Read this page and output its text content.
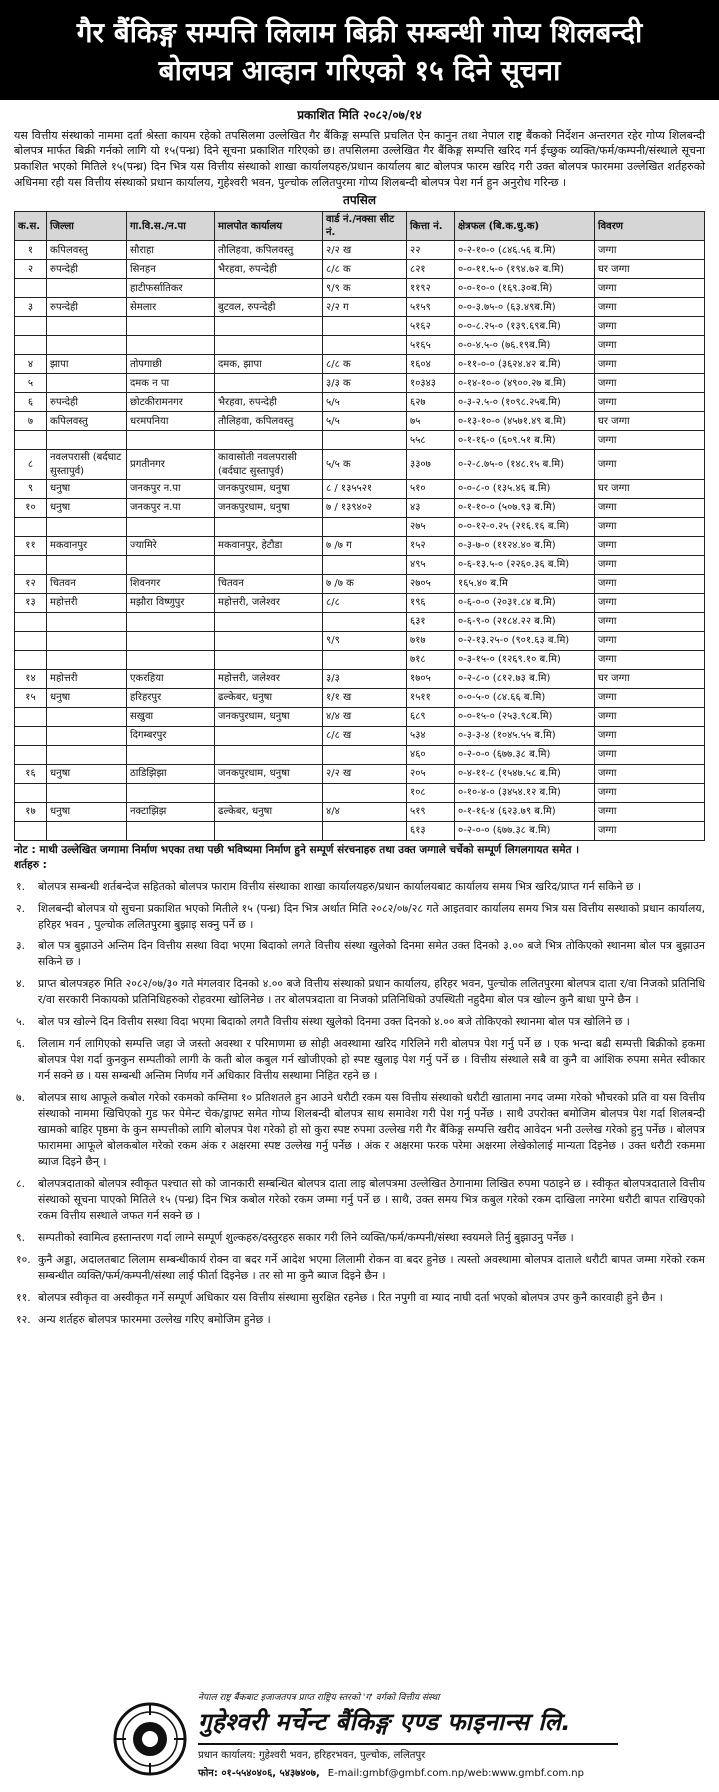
गैर बैंकिङ्ग सम्पत्ति लिलाम बिक्री सम्बन्धी गोप्य शिलबन्दी
बोलपत्र आव्हान गरिएको १५ दिने सूचना
प्रकाशित मिति २०८२/०७/१४
यस वित्तीय संस्थाको नाममा दर्ता श्रेस्ता कायम रहेको तपसिलमा उल्लेखित गैर बैंकिङ्ग सम्पत्ति प्रचलित ऐन कानुन तथा नेपाल राष्ट्र बैंकको निर्देशन अन्तरगत रहेर गोप्य शिलबन्दी बोलपत्र मार्फत बिक्री गर्नको लागि यो १५(पन्ध्र) दिने सूचना प्रकाशित गरिएको छ। तपसिलमा उल्लेखित गैर बैंकिङ्ग सम्पत्ति खरिद गर्न ईच्छुक व्यक्ति/फर्म/कम्पनी/संस्थाले सूचना प्रकाशित भएको मितिले १५(पन्ध्र) दिन भित्र यस वित्तीय संस्थाको शाखा कार्यालयहरु/प्रधान कार्यालय बाट बोलपत्र फारम खरिद गरी उक्त बोलपत्र फारममा उल्लेखित शर्तहरुको अधिनमा रही यस वित्तीय संस्थाको प्रधान कार्यालय, गुहेश्वरी भवन, पुल्चोक ललितपुरमा गोप्य शिलबन्दी बोलपत्र पेश गर्न हुन अनुरोध गरिन्छ ।
तपसिल
क.स.	जिल्ला	गा.वि.स./न.पा	मालपोत कार्यालय	वार्ड नं./नक्सा सीट नं.	कित्ता नं.	क्षेत्रफल (बि.क.धु.क)	विवरण
१	कपिलवस्तु	सौराहा	तौलिहवा, कपिलवस्तु	२/२ ख	२२	०-२-१०-० (८४६.५६ ब.मि)	जग्गा
२	रुपन्देही	सिनहन	भैरहवा, रुपन्देही	८/८ क	८२१	०-०-११.५-० (१९४.७२ ब.मि)	घर जग्गा
		हाटीफर्सातिकर		९/९ क	११९२	०-०-१०-० (१६९.३०ब.मि)	जग्गा
३	रुपन्देही	सेमलार	बुटवल, रुपन्देही	२/२ ग	५१५९	०-०-३.७५-० (६३.४९ब.मि)	जग्गा
					५१६२	०-०-८.२५-० (१३९.६९ब.मि)	जग्गा
					५१६५	०-०-४.५-० (७६.१९ब.मि)	जग्गा
४	झापा	तोपगाछी	दमक, झापा	८/८ क	१६०४	०-११-०-० (३६२४.४२ ब.मि)	जग्गा
५		दमक न पा		३/३ क	१०३४३	०-१४-१०-० (४९००.२७ ब.मि)	जग्गा
६	रुपन्देही	छोटकीरामनगर	भैरहवा, रुपन्देही	५/५	६२७	०-३-२.५-० (१०९८.२५ब.मि)	जग्गा
७	कपिलवस्तु	धरमपनिया	तौलिहवा, कपिलवस्तु	५/५	७५	०-१३-१०-० (४५७१.४९ ब.मि)	घर जग्गा
					५५८	०-१-१६-० (६०९.५१ ब.मि)	जग्गा
८	नवलपरासी (बर्दघाट सुस्तापुर्व)	प्रगतीनगर	कावासोती नवलपरासी (बर्दघाट सुस्तापुर्व)	५/५ क	३३०७	०-२-८.७५-० (१४८.१५ ब.मि)	जग्गा
९	धनुषा	जनकपुर न.पा	जनकपुरधाम, धनुषा	८ / १३५५२१	५१०	०-०-८-० (१३५.४६ ब.मि)	घर जग्गा
१०	धनुषा	जनकपुर न.पा	जनकपुरधाम, धनुषा	७ / १३९४०२	४३	०-१-१०-० (५०७.९३ ब.मि)	जग्गा
					२७५	०-०-१२-०.२५ (२१६.१६ ब.मि)	जग्गा
११	मकवानपुर	ज्यामिरे	मकवानपुर, हेटौडा	७ /७ ग	१५२	०-३-७-० (११२४.४० ब.मि)	जग्गा
					४९५	०-६-१३.५-० (२२६०.३६ ब.मि)	जग्गा
१२	चितवन	शिवनगर	चितवन	७ /७ क	२७०५	१६५.४० ब.मि	जग्गा
१३	महोत्तरी	मझौरा विष्णुपुर	महोत्तरी, जलेश्वर	८/८	१९६	०-६-०-० (२०३१.८४ ब.मि)	जग्गा
					६३१	०-६-९-० (२१८४.२२ ब.मि)	जग्गा
				९/९	७१७	०-२-१३.२५-० (९०१.६३ ब.मि)	जग्गा
					७१८	०-३-१५-० (१२६९.१० ब.मि)	जग्गा
१४	महोत्तरी	एकरहिया	महोत्तरी, जलेश्वर	३/३	१७०५	०-२-८-० (८१२.७३ ब.मि)	घर जग्गा
१५	धनुषा	हरिहरपुर	ढल्केबर, धनुषा	१/१ ख	१५११	०-०-५-० (८४.६६ ब.मि)	जग्गा
		सखुवा	जनकपुरधाम, धनुषा	४/४ ख	६८९	०-०-१५-० (२५३.९८ब.मि)	जग्गा
		दिगम्बरपुर		८/८ ख	५३४	०-३-३-४ (१०४५.५५ ब.मि)	जग्गा
					४६०	०-२-०-० (६७७.३८ ब.मि)	जग्गा
१६	धनुषा	ठाडिझिझा	जनकपुरधाम, धनुषा	२/२ ख	२०५	०-४-११-८ (१५४७.५८ ब.मि)	जग्गा
					१०८	०-१०-४-० (३४५४.१२ ब.मि)	जग्गा
१७	धनुषा	नक्टाझिझ	ढल्केबर, धनुषा	४/४	५१९	०-१-१६-४ (६२३.७९ ब.मि)	जग्गा
					६१३	०-२-०-० (६७७.३८ ब.मि)	जग्गा
नोट : माथी उल्लेखित जग्गामा निर्माण भएका तथा पछी भविष्यमा निर्माण हुने सम्पूर्ण संरचनाहरु तथा उक्त जग्गाले चर्चेको सम्पूर्ण लिगलगायत समेत ।
शर्तहरु :
१.	बोलपत्र सम्बन्धी शर्तबन्देज सहितको बोलपत्र फाराम वित्तीय संस्थाका शाखा कार्यालयहरु/प्रधान कार्यालयबाट कार्यालय समय भित्र खरिद/प्राप्त गर्न सकिने छ ।
२.	शिलबन्दी बोलपत्र यो सुचना प्रकाशित भएको मितीले १५ (पन्ध्र) दिन भित्र अर्थात मिति २०८२/०७/२८ गते आइतवार कार्यालय समय भित्र यस वित्तीय सस्थाको प्रधान कार्यालय, हरिहर भवन , पुल्चोक ललितपुरमा बुझाइ सक्नु पर्ने छ ।
३.	बोल पत्र बुझाउने अन्तिम दिन वित्तीय सस्था विदा भएमा बिदाको लगते वित्तीय संस्था खुलेको दिनमा समेत उक्त दिनको ३.०० बजे भित्र तोकिएको स्थानमा बोल पत्र बुझाउन सकिने छ ।
४.	प्राप्त बोलपत्रहरु मिति २०८२/०७/३० गते मंगलवार दिनको ४.०० बजे वित्तीय संस्थाको प्रधान कार्यालय, हरिहर भवन, पुल्चोक ललितपुरमा बोलपत्र दाता र/वा निजको प्रतिनिधि र/वा सरकारी निकायको प्रतिनिधिहरुको रोहवरमा खोलिनेछ । तर बोलपत्रदाता वा निजको प्रतिनिधिको उपस्थिती नहुदैमा बोल पत्र खोल्न कुनै बाधा पुग्ने छैन ।
५.	बोल पत्र खोल्ने दिन वित्तीय सस्था विदा भएमा बिदाको लगतै वित्तीय संस्था खुलेको दिनमा उक्त दिनको ४.०० बजे तोकिएको स्थानमा बोल पत्र खोलिने छ ।
६.	लिलाम गर्न लागिएको सम्पत्ति जहा जे जस्तो अवस्था र परिमाणमा छ सोही अवस्थामा खरिद गरिलिने गरी बोलपत्र पेश गर्नु पर्ने छ । एक भन्दा बढी सम्पत्ती बिक्रीको हकमा बोलपत्र पेश गर्दा कुनकुन सम्पतीको लागी के कती बोल कबुल गर्न खोजीएको हो स्पष्ट खुलाइ पेश गर्नु पर्ने छ । वित्तीय संस्थाले सबै वा कुनै वा आंशिक रुपमा समेत स्वीकार गर्न सक्ने छ । यस सम्बन्धी अन्तिम निर्णय गर्ने अधिकार वित्तीय सस्थामा निहित रहने छ ।
७.	बोलपत्र साथ आफूले कबोल गरेको रकमको कम्तिमा १० प्रतिशतले हुन आउने धरौटी रकम यस वित्तीय संस्थाको धरौटी खातामा नगद जम्मा गरेको भौचरको प्रति वा यस वित्तीय संस्थाको नाममा खिचिएको गुड फर पेमेन्ट चेक/ड्राफ्ट समेत गोप्य शिलबन्दी बोलपत्र साथ समावेश गरी पेश गर्नु पर्नेछ । साथै उपरोक्त बमोजिम बोलपत्र पेश गर्दा शिलबन्दी खामको बाहिर पृष्ठमा के कुन सम्पत्तीको लागि बोलपत्र पेश गरेको हो सो कुरा स्पष्ट रुपमा उल्लेख गरी गैर बैंकिङ्ग सम्पत्ति खरीद आवेदन भनी उल्लेख गरेको हुनु पर्नेछ । बोलपत्र फाराममा आफूले बोलकबोल गरेको रकम अंक र अक्षरमा स्पष्ट उल्लेख गर्नु पर्नेछ । अंक र अक्षरमा फरक परेमा अक्षरमा लेखेकोलाई मान्यता दिइनेछ । उक्त धरौटी रकममा ब्याज दिइने छैन् ।
८.	बोलपत्रदाताको बोलपत्र स्वीकृत पश्चात सो को जानकारी सम्बन्धित बोलपत्र दाता लाइ बोलपत्रमा उल्लेखित ठेगानामा लिखित रुपमा पठाइने छ । स्वीकृत बोलपत्रदाताले वित्तीय संस्थाको सूचना पाएको मितिले १५ (पन्ध्र) दिन भित्र कबोल गरेको रकम जम्मा गर्नु पर्ने छ । साथै, उक्त समय भित्र कबुल गरेको रकम दाखिला नगरेमा धरौटी बापत राखिएको रकम वित्तीय सस्थाले जफत गर्न सक्ने छ ।
९.	सम्पतीको स्वामित्व हस्तान्तरण गर्दा लाग्ने सम्पूर्ण शुल्कहरु/दस्तुरहरु सकार गरी लिने व्यक्ति/फर्म/कम्पनी/संस्था स्वयमले तिर्नु बुझाउनु पर्नेछ ।
१०. कुनै अड्डा, अदालतबाट लिलाम सम्बन्धीकार्य रोक्न वा बदर गर्ने आदेश भएमा लिलामी रोकन वा बदर हुनेछ । त्यस्तो अवस्थामा बोलपत्र दाताले धरौटी बापत जम्मा गरेको रकम सम्बन्धीत व्यक्ति/फर्म/कम्पनी/संस्था लाई फीर्ता दिइनेछ । तर सो मा कुनै ब्याज दिइने छैन ।
११. बोलपत्र स्वीकृत वा अस्वीकृत गर्ने सम्पूर्ण अधिकार यस वित्तीय संस्थामा सुरक्षित रहनेछ । रित नपुगी वा म्याद नाघी दर्ता भएको बोलपत्र उपर कुनै कारवाही हुने छैन ।
१२. अन्य शर्तहरु बोलपत्र फारममा उल्लेख गरिए बमोजिम हुनेछ ।
नेपाल राष्ट्र बैंकबाट इजाजतपत्र प्राप्त राष्ट्रिय स्तरको 'ग' वर्गको वित्तीय संस्था
गुहेश्वरी मर्चेन्ट बैंकिङ्ग एण्ड फाइनान्स लि.
प्रधान कार्यालय: गुहेश्वरी भवन, हरिहरभवन, पुल्चोक, ललितपुर
फोन: ०१-५५४०४०६, ५४३७४०७, E-mail:gmbf@gmbf.com.np/web:www.gmbf.com.np
